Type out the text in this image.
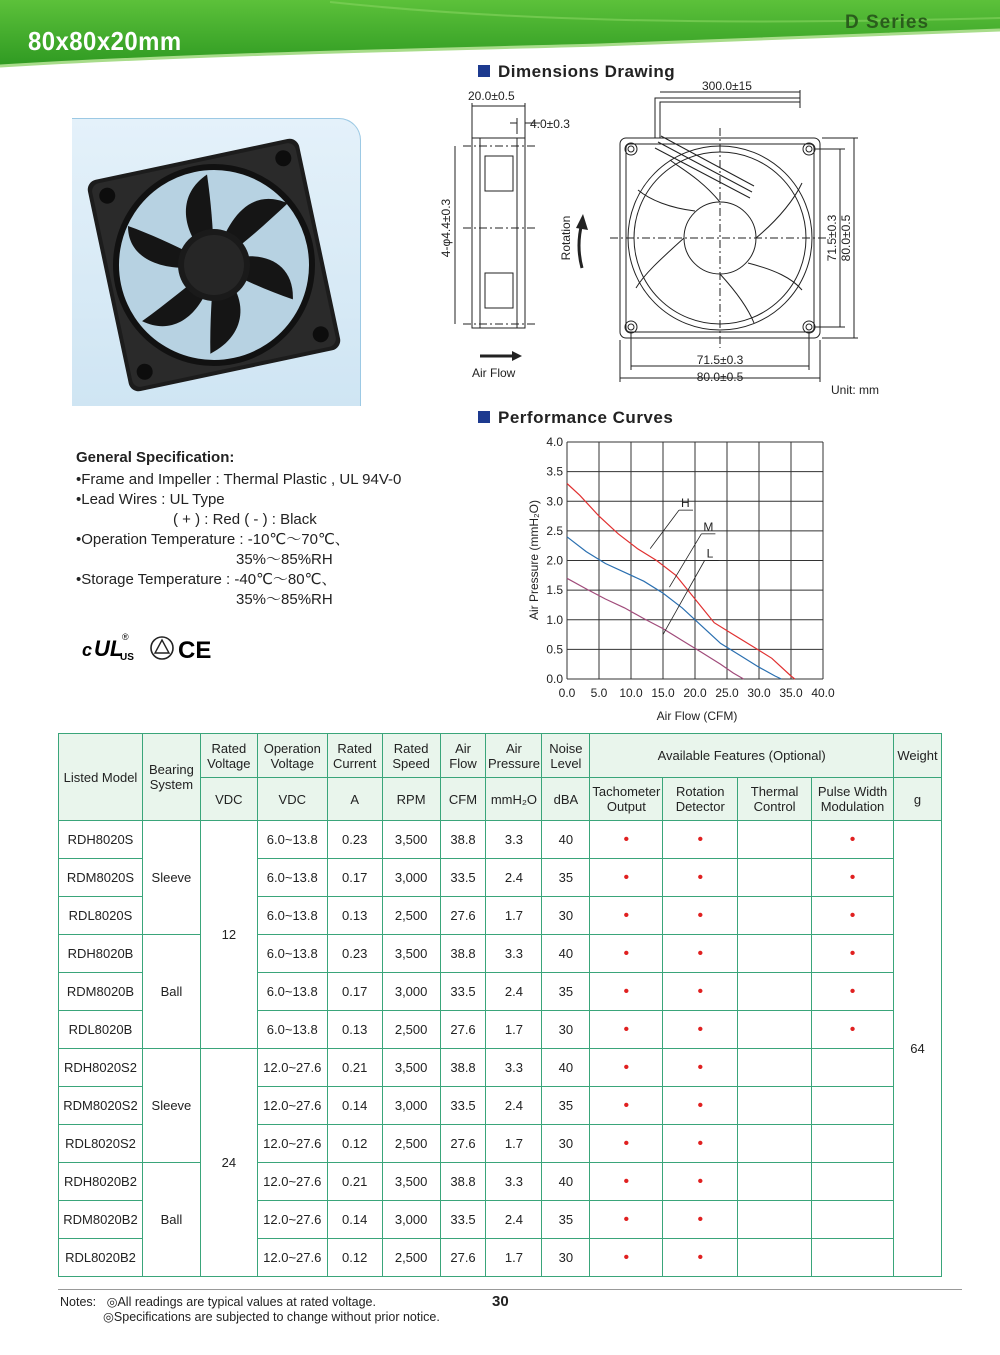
80x80x20mm
D Series
Dimensions Drawing
20.0±0.5
4.0±0.3
4-φ4.4±0.3
Air Flow
Rotation
300.0±15
71.5±0.3
80.0±0.5
71.5±0.3 80.0±0.5
Unit: mm
Performance Curves
0.0 5.0 10.0 15.0 20.0 25.0 30.0 35.0 40.0
0.0
0.5
1.0
1.5
2.0
2.5
3.0
3.5
4.0
H
M
L
Air Flow (CFM)
Air Pressure (mmH₂O)
General Specification:
•Frame and Impeller : Thermal Plastic , UL 94V-0
•Lead Wires : UL Type
( + ) : Red ( - ) : Black
•Operation Temperature : -10℃～70℃、
35%～85%RH
•Storage Temperature : -40℃～80℃、
35%～85%RH
c UL
US
® CE
Listed Model	Bearing System	Rated Voltage	Operation Voltage	Rated Current	Rated Speed	Air Flow	Air Pressure	Noise Level	Available Features (Optional)				Weight
		VDC	VDC	A	RPM	CFM	mmH₂O	dBA	Tachometer Output	Rotation Detector	Thermal Control	Pulse Width Modulation	g
RDH8020S	Sleeve	12	6.0~13.8	0.23	3,500	38.8	3.3	40	•	•		•	64
RDM8020S			6.0~13.8	0.17	3,000	33.5	2.4	35	•	•		•	
RDL8020S			6.0~13.8	0.13	2,500	27.6	1.7	30	•	•		•	
RDH8020B	Ball		6.0~13.8	0.23	3,500	38.8	3.3	40	•	•		•	
RDM8020B			6.0~13.8	0.17	3,000	33.5	2.4	35	•	•		•	
RDL8020B			6.0~13.8	0.13	2,500	27.6	1.7	30	•	•		•	
RDH8020S2	Sleeve	24	12.0~27.6	0.21	3,500	38.8	3.3	40	•	•			
RDM8020S2			12.0~27.6	0.14	3,000	33.5	2.4	35	•	•			
RDL8020S2			12.0~27.6	0.12	2,500	27.6	1.7	30	•	•			
RDH8020B2	Ball		12.0~27.6	0.21	3,500	38.8	3.3	40	•	•			
RDM8020B2			12.0~27.6	0.14	3,000	33.5	2.4	35	•	•			
RDL8020B2			12.0~27.6	0.12	2,500	27.6	1.7	30	•	•			
Notes: ◎All readings are typical values at rated voltage.
◎Specifications are subjected to change without prior notice.
30
